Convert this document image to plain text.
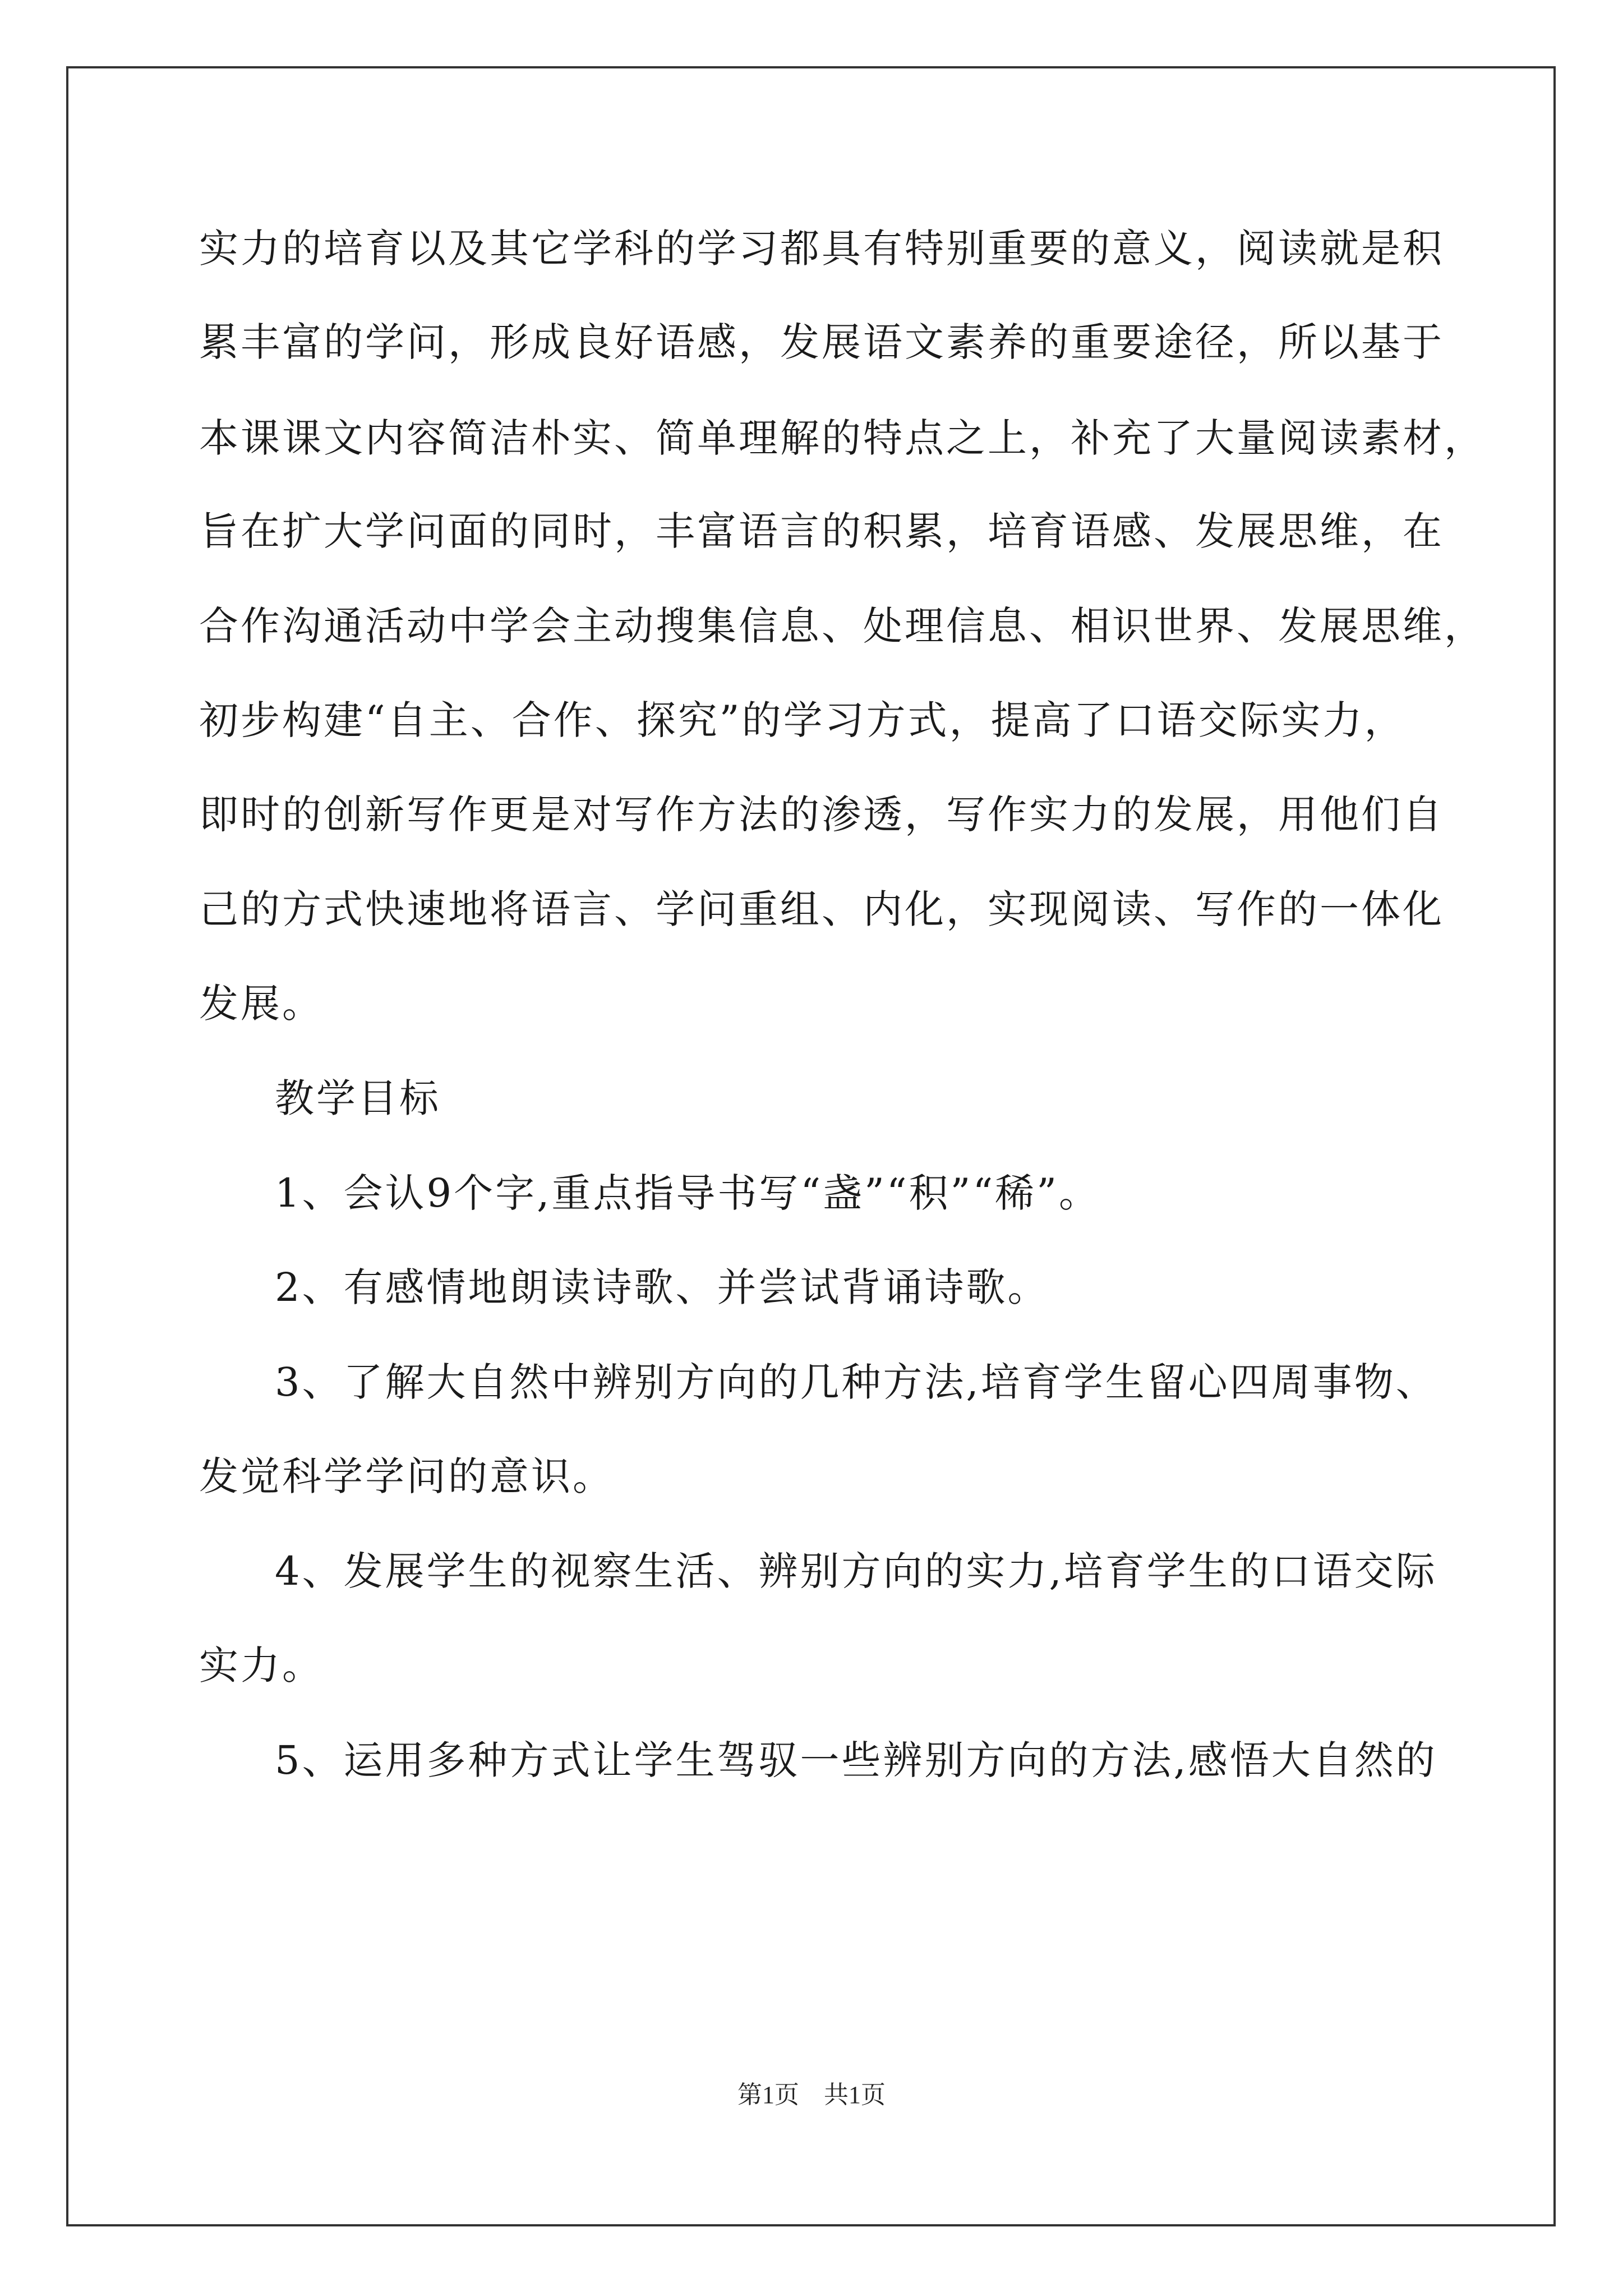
实力的培育以及其它学科的学习都具有特别重要的意义，阅读就是积
累丰富的学问，形成良好语感，发展语文素养的重要途径，所以基于
本课课文内容简洁朴实、简单理解的特点之上，补充了大量阅读素材，
旨在扩大学问面的同时，丰富语言的积累，培育语感、发展思维，在
合作沟通活动中学会主动搜集信息、处理信息、相识世界、发展思维，
初步构建“自主、合作、探究”的学习方式，提高了口语交际实力，
即时的创新写作更是对写作方法的渗透，写作实力的发展，用他们自
己的方式快速地将语言、学问重组、内化，实现阅读、写作的一体化
发展。
教学目标
1、会认9个字,重点指导书写“盏”“积”“稀”。
2、有感情地朗读诗歌、并尝试背诵诗歌。
3、了解大自然中辨别方向的几种方法,培育学生留心四周事物、
发觉科学学问的意识。
4、发展学生的视察生活、辨别方向的实力,培育学生的口语交际
实力。
5、运用多种方式让学生驾驭一些辨别方向的方法,感悟大自然的
第1页　共1页
